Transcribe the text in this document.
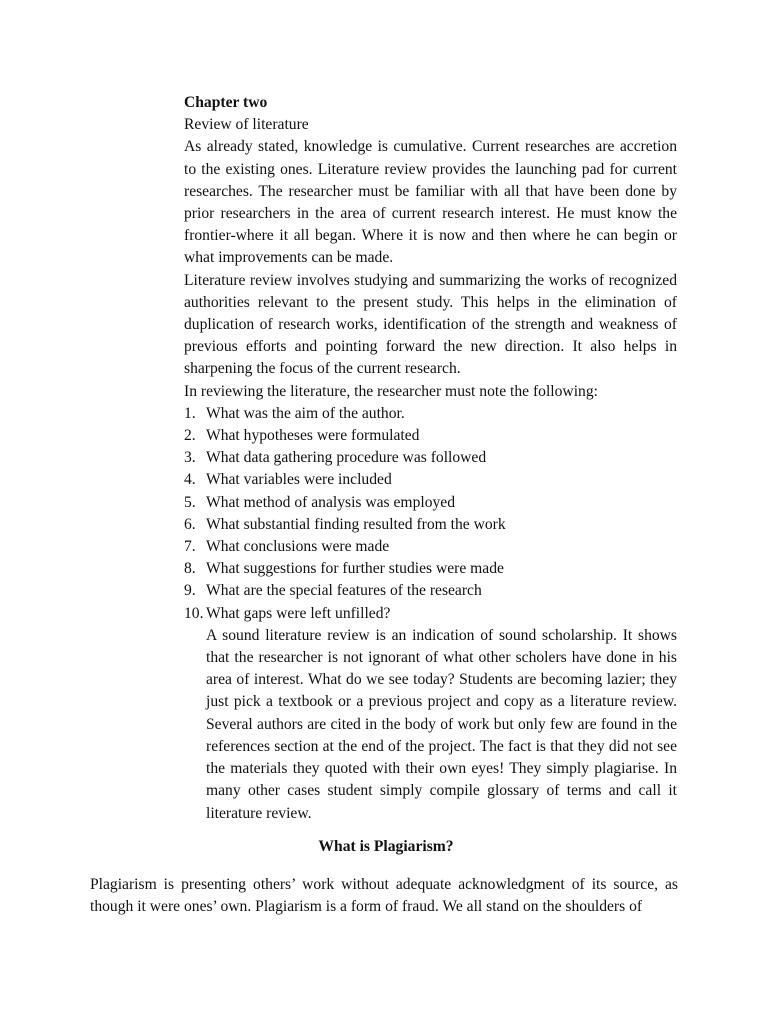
Chapter two

Review of literature

As already stated, knowledge is cumulative. Current researches are accretion to the existing ones. Literature review provides the launching pad for current researches. The researcher must be familiar with all that have been done by prior researchers in the area of current research interest. He must know the frontier-where it all began. Where it is now and then where he can begin or what improvements can be made.

Literature review involves studying and summarizing the works of recognized authorities relevant to the present study. This helps in the elimination of duplication of research works, identification of the strength and weakness of previous efforts and pointing forward the new direction. It also helps in sharpening the focus of the current research.

In reviewing the literature, the researcher must note the following:

1. What was the aim of the author.
2. What hypotheses were formulated
3. What data gathering procedure was followed
4. What variables were included
5. What method of analysis was employed
6. What substantial finding resulted from the work
7. What conclusions were made
8. What suggestions for further studies were made
9. What are the special features of the research
10. What gaps were left unfilled?

A sound literature review is an indication of sound scholarship. It shows that the researcher is not ignorant of what other scholers have done in his area of interest. What do we see today? Students are becoming lazier; they just pick a textbook or a previous project and copy as a literature review. Several authors are cited in the body of work but only few are found in the references section at the end of the project. The fact is that they did not see the materials they quoted with their own eyes! They simply plagiarise. In many other cases student simply compile glossary of terms and call it literature review.

What is Plagiarism?

Plagiarism is presenting others’ work without adequate acknowledgment of its source, as though it were ones’ own. Plagiarism is a form of fraud. We all stand on the shoulders of
